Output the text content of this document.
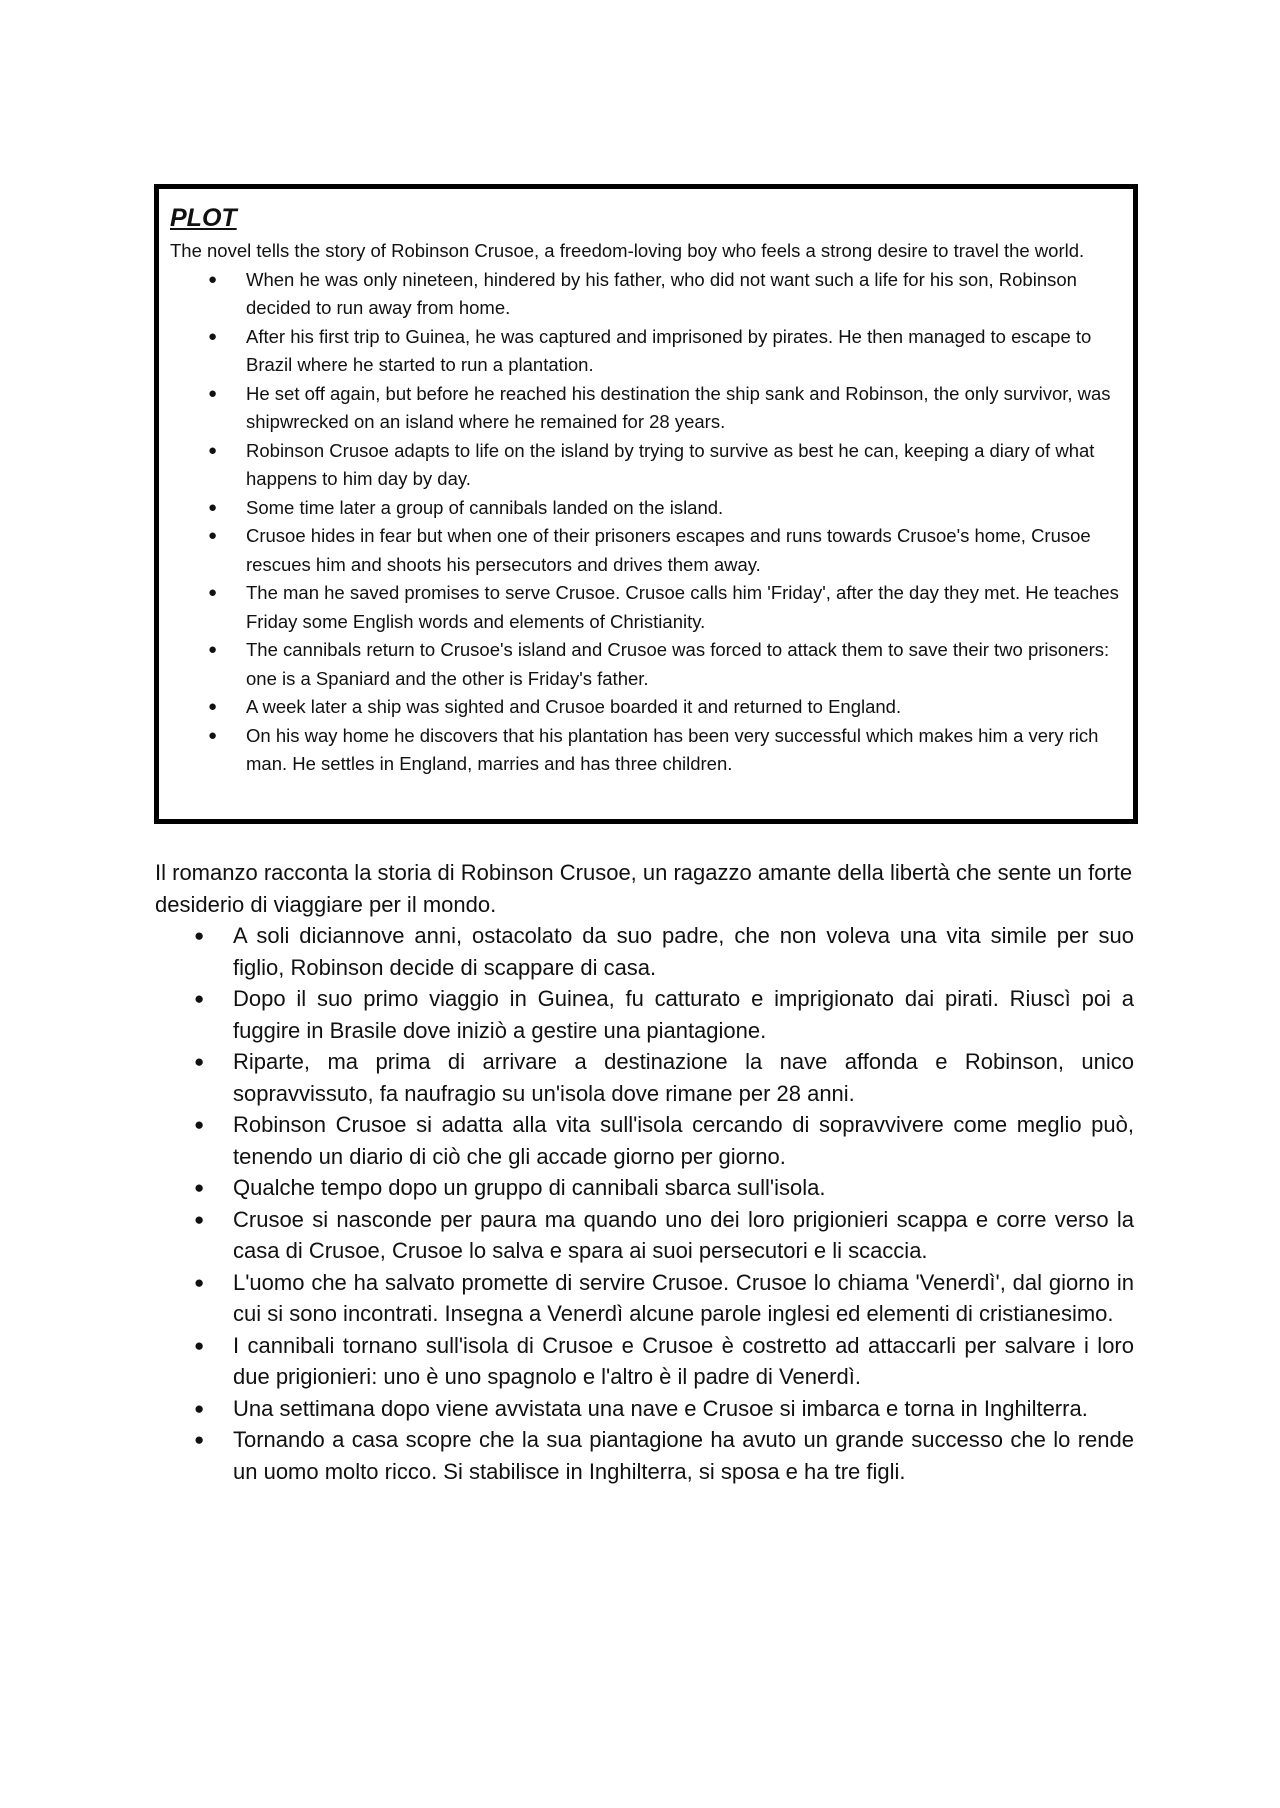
PLOT

The novel tells the story of Robinson Crusoe, a freedom-loving boy who feels a strong desire to travel the world.

● When he was only nineteen, hindered by his father, who did not want such a life for his son, Robinson decided to run away from home.
● After his first trip to Guinea, he was captured and imprisoned by pirates. He then managed to escape to Brazil where he started to run a plantation.
● He set off again, but before he reached his destination the ship sank and Robinson, the only survivor, was shipwrecked on an island where he remained for 28 years.
● Robinson Crusoe adapts to life on the island by trying to survive as best he can, keeping a diary of what happens to him day by day.
● Some time later a group of cannibals landed on the island.
● Crusoe hides in fear but when one of their prisoners escapes and runs towards Crusoe's home, Crusoe rescues him and shoots his persecutors and drives them away.
● The man he saved promises to serve Crusoe. Crusoe calls him 'Friday', after the day they met. He teaches Friday some English words and elements of Christianity.
● The cannibals return to Crusoe's island and Crusoe was forced to attack them to save their two prisoners: one is a Spaniard and the other is Friday's father.
● A week later a ship was sighted and Crusoe boarded it and returned to England.
● On his way home he discovers that his plantation has been very successful which makes him a very rich man. He settles in England, marries and has three children.

Il romanzo racconta la storia di Robinson Crusoe, un ragazzo amante della libertà che sente un forte desiderio di viaggiare per il mondo.

● A soli diciannove anni, ostacolato da suo padre, che non voleva una vita simile per suo figlio, Robinson decide di scappare di casa.
● Dopo il suo primo viaggio in Guinea, fu catturato e imprigionato dai pirati. Riuscì poi a fuggire in Brasile dove iniziò a gestire una piantagione.
● Riparte, ma prima di arrivare a destinazione la nave affonda e Robinson, unico sopravvissuto, fa naufragio su un'isola dove rimane per 28 anni.
● Robinson Crusoe si adatta alla vita sull'isola cercando di sopravvivere come meglio può, tenendo un diario di ciò che gli accade giorno per giorno.
● Qualche tempo dopo un gruppo di cannibali sbarca sull'isola.
● Crusoe si nasconde per paura ma quando uno dei loro prigionieri scappa e corre verso la casa di Crusoe, Crusoe lo salva e spara ai suoi persecutori e li scaccia.
● L'uomo che ha salvato promette di servire Crusoe. Crusoe lo chiama 'Venerdì', dal giorno in cui si sono incontrati. Insegna a Venerdì alcune parole inglesi ed elementi di cristianesimo.
● I cannibali tornano sull'isola di Crusoe e Crusoe è costretto ad attaccarli per salvare i loro due prigionieri: uno è uno spagnolo e l'altro è il padre di Venerdì.
● Una settimana dopo viene avvistata una nave e Crusoe si imbarca e torna in Inghilterra.
● Tornando a casa scopre che la sua piantagione ha avuto un grande successo che lo rende un uomo molto ricco. Si stabilisce in Inghilterra, si sposa e ha tre figli.
